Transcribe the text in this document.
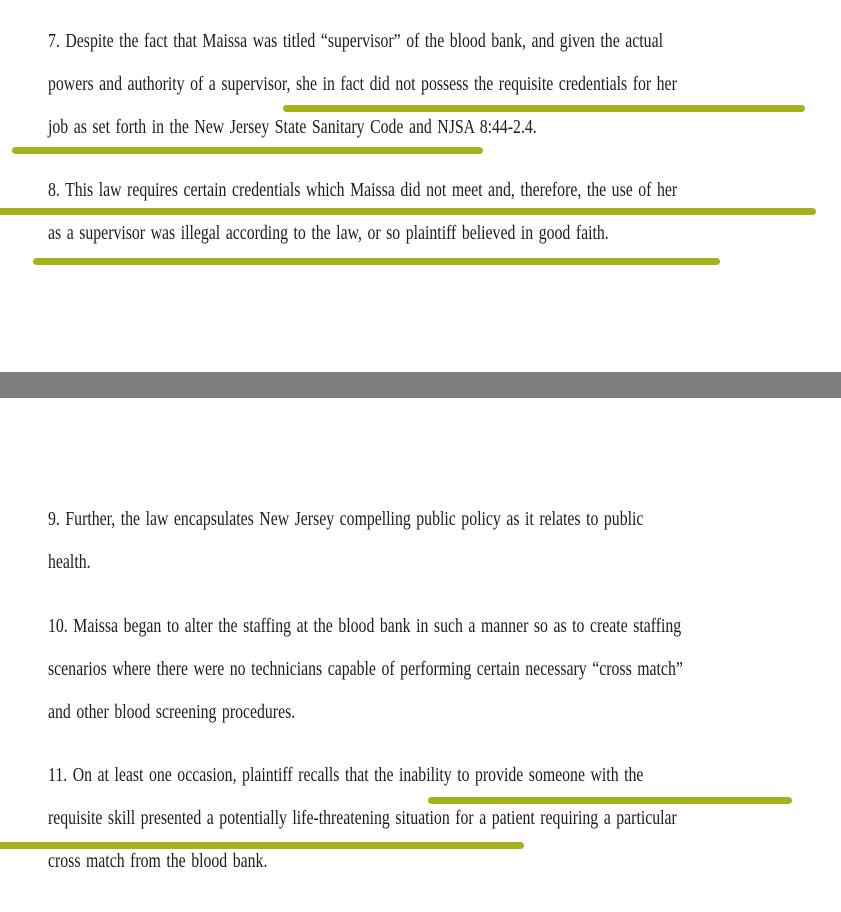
7. Despite the fact that Maissa was titled “supervisor” of the blood bank, and given the actual
powers and authority of a supervisor, she in fact did not possess the requisite credentials for her
job as set forth in the New Jersey State Sanitary Code and NJSA 8:44-2.4.
8. This law requires certain credentials which Maissa did not meet and, therefore, the use of her
as a supervisor was illegal according to the law, or so plaintiff believed in good faith.
9. Further, the law encapsulates New Jersey compelling public policy as it relates to public
health.
10. Maissa began to alter the staffing at the blood bank in such a manner so as to create staffing
scenarios where there were no technicians capable of performing certain necessary “cross match”
and other blood screening procedures.
11. On at least one occasion, plaintiff recalls that the inability to provide someone with the
requisite skill presented a potentially life-threatening situation for a patient requiring a particular
cross match from the blood bank.
